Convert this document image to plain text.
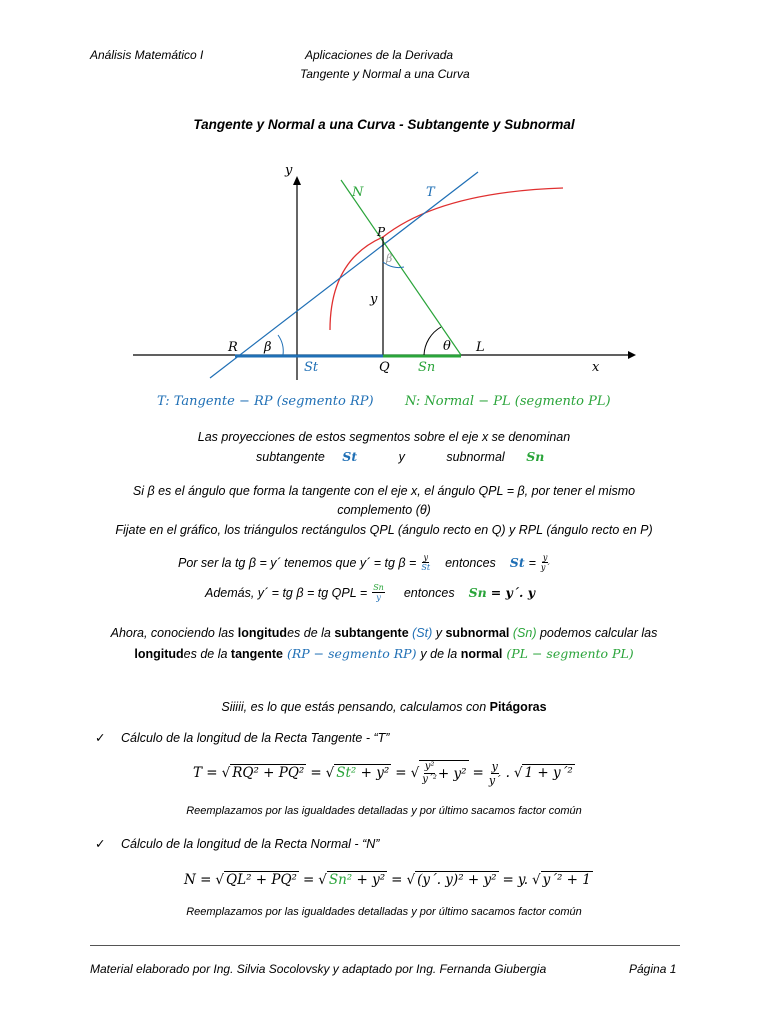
Análisis Matemático I	Aplicaciones de la Derivada
Tangente y Normal a una Curva
Tangente y Normal a una Curva - Subtangente y Subnormal
y
x
N	T
P
β
y
R β	θ L
St	Q Sn
T: Tangente − RP (segmento RP) N: Normal − PL (segmento PL)
Las proyecciones de estos segmentos sobre el eje x se denominan
subtangente St	y	subnormal Sn
Si β es el ángulo que forma la tangente con el eje x, el ángulo QPL = β, por tener el mismo
complemento (θ)
Fijate en el gráfico, los triángulos rectángulos QPL (ángulo recto en Q) y RPL (ángulo recto en P)
Por ser la tg β = y´ tenemos que y´ = tg $\beta = \frac{y}{St}$ entonces $St = \frac{y}{y´}$
Además, y´ = tg β = tg QPL = $\frac{Sn}{y}$ entonces Sn = y´. y
Ahora, conociendo las longitudes de la subtangente (St) y subnormal (Sn) podemos calcular las
longitudes de la tangente (RP − segmento RP) y de la normal (PL − segmento PL)
Siiiii, es lo que estás pensando, calculamos con Pitágoras
✓ Cálculo de la longitud de la Recta Tangente - “T”
T = √ RQ² + PQ² = √ St² + y² = √ $\frac{\text{y²}}{\text{y´²}} + y^2 = \frac{y}{y´}$ . √ 1 + y´²
Reemplazamos por las igualdades detalladas y por último sacamos factor común
✓ Cálculo de la longitud de la Recta Normal - “N”
N = √ QL² + PQ² = √ Sn² + y² = √ (y´. y)² + y² = y. √ y´² + 1
Reemplazamos por las igualdades detalladas y por último sacamos factor común
Material elaborado por Ing. Silvia Socolovsky y adaptado por Ing. Fernanda Giubergia	Página 1
